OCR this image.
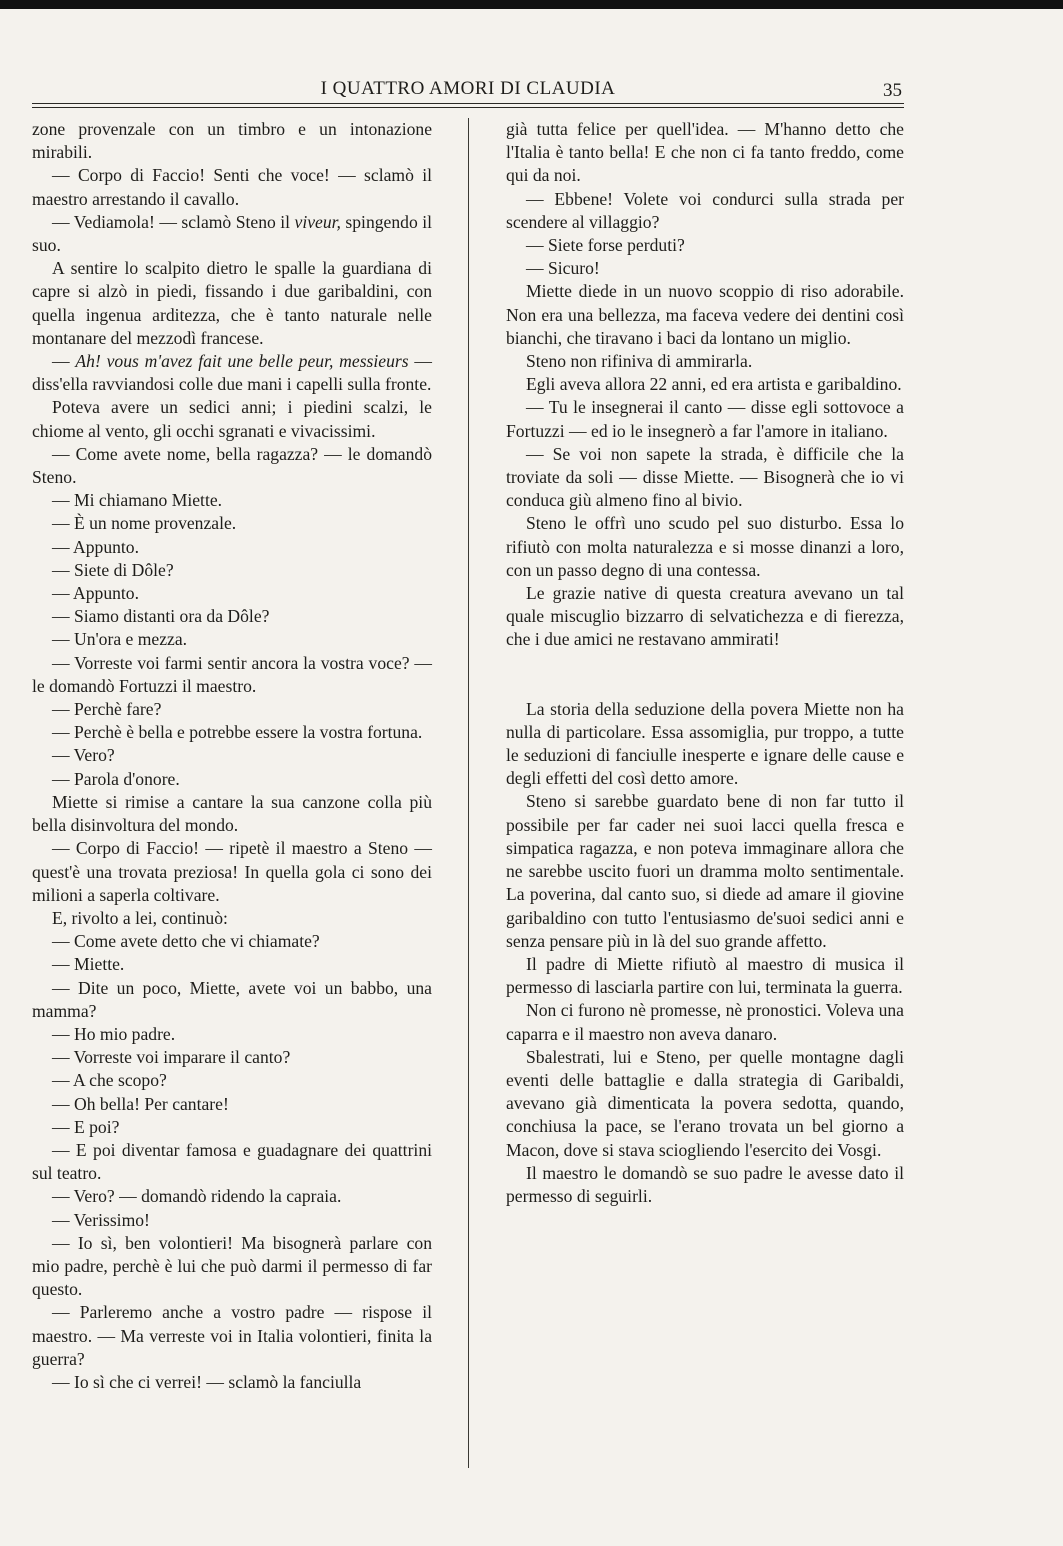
I QUATTRO AMORI DI CLAUDIA	35

zone provenzale con un timbro e un intonazione mirabili.

— Corpo di Faccio! Senti che voce! — sclamò il maestro arrestando il cavallo.

— Vediamola! — sclamò Steno il viveur, spingendo il suo.

A sentire lo scalpito dietro le spalle la guardiana di capre si alzò in piedi, fissando i due garibaldini, con quella ingenua arditezza, che è tanto naturale nelle montanare del mezzodì francese.

— Ah! vous m'avez fait une belle peur, messieurs — diss'ella ravviandosi colle due mani i capelli sulla fronte.

Poteva avere un sedici anni; i piedini scalzi, le chiome al vento, gli occhi sgranati e vivacissimi.

— Come avete nome, bella ragazza? — le domandò Steno.

— Mi chiamano Miette.

— È un nome provenzale.

— Appunto.

— Siete di Dôle?

— Appunto.

— Siamo distanti ora da Dôle?

— Un'ora e mezza.

— Vorreste voi farmi sentir ancora la vostra voce? — le domandò Fortuzzi il maestro.

— Perchè fare?

— Perchè è bella e potrebbe essere la vostra fortuna.

— Vero?

— Parola d'onore.

Miette si rimise a cantare la sua canzone colla più bella disinvoltura del mondo.

— Corpo di Faccio! — ripetè il maestro a Steno — quest'è una trovata preziosa! In quella gola ci sono dei milioni a saperla coltivare.

E, rivolto a lei, continuò:

— Come avete detto che vi chiamate?

— Miette.

— Dite un poco, Miette, avete voi un babbo, una mamma?

— Ho mio padre.

— Vorreste voi imparare il canto?

— A che scopo?

— Oh bella! Per cantare!

— E poi?

— E poi diventar famosa e guadagnare dei quattrini sul teatro.

— Vero? — domandò ridendo la capraia.

— Verissimo!

— Io sì, ben volontieri! Ma bisognerà parlare con mio padre, perchè è lui che può darmi il permesso di far questo.

— Parleremo anche a vostro padre — rispose il maestro. — Ma verreste voi in Italia volontieri, finita la guerra?

— Io sì che ci verrei! — sclamò la fanciulla

già tutta felice per quell'idea. — M'hanno detto che l'Italia è tanto bella! E che non ci fa tanto freddo, come qui da noi.

— Ebbene! Volete voi condurci sulla strada per scendere al villaggio?

— Siete forse perduti?

— Sicuro!

Miette diede in un nuovo scoppio di riso adorabile. Non era una bellezza, ma faceva vedere dei dentini così bianchi, che tiravano i baci da lontano un miglio.

Steno non rifiniva di ammirarla.

Egli aveva allora 22 anni, ed era artista e garibaldino.

— Tu le insegnerai il canto — disse egli sottovoce a Fortuzzi — ed io le insegnerò a far l'amore in italiano.

— Se voi non sapete la strada, è difficile che la troviate da soli — disse Miette. — Bisognerà che io vi conduca giù almeno fino al bivio.

Steno le offrì uno scudo pel suo disturbo. Essa lo rifiutò con molta naturalezza e si mosse dinanzi a loro, con un passo degno di una contessa.

Le grazie native di questa creatura avevano un tal quale miscuglio bizzarro di selvatichezza e di fierezza, che i due amici ne restavano ammirati!

La storia della seduzione della povera Miette non ha nulla di particolare. Essa assomiglia, pur troppo, a tutte le seduzioni di fanciulle inesperte e ignare delle cause e degli effetti del così detto amore.

Steno si sarebbe guardato bene di non far tutto il possibile per far cader nei suoi lacci quella fresca e simpatica ragazza, e non poteva immaginare allora che ne sarebbe uscito fuori un dramma molto sentimentale. La poverina, dal canto suo, si diede ad amare il giovine garibaldino con tutto l'entusiasmo de'suoi sedici anni e senza pensare più in là del suo grande affetto.

Il padre di Miette rifiutò al maestro di musica il permesso di lasciarla partire con lui, terminata la guerra.

Non ci furono nè promesse, nè pronostici. Voleva una caparra e il maestro non aveva danaro.

Sbalestrati, lui e Steno, per quelle montagne dagli eventi delle battaglie e dalla strategia di Garibaldi, avevano già dimenticata la povera sedotta, quando, conchiusa la pace, se l'erano trovata un bel giorno a Macon, dove si stava sciogliendo l'esercito dei Vosgi.

Il maestro le domandò se suo padre le avesse dato il permesso di seguirli.
